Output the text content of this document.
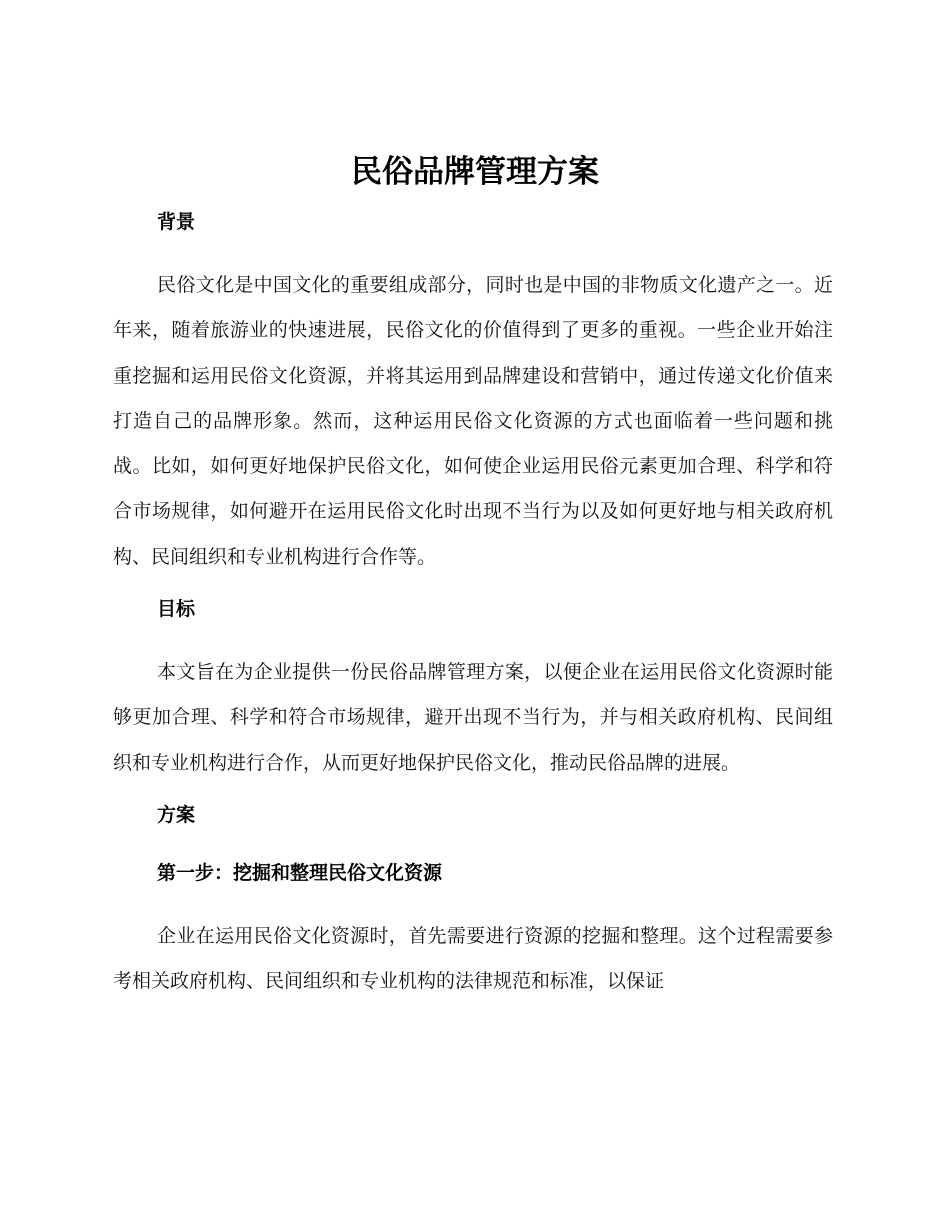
民俗品牌管理方案
背景

民俗文化是中国文化的重要组成部分，同时也是中国的非物质文化遗产之一。近年来，随着旅游业的快速进展，民俗文化的价值得到了更多的重视。一些企业开始注重挖掘和运用民俗文化资源，并将其运用到品牌建设和营销中，通过传递文化价值来打造自己的品牌形象。然而，这种运用民俗文化资源的方式也面临着一些问题和挑战。比如，如何更好地保护民俗文化，如何使企业运用民俗元素更加合理、科学和符合市场规律，如何避开在运用民俗文化时出现不当行为以及如何更好地与相关政府机构、民间组织和专业机构进行合作等。

目标

本文旨在为企业提供一份民俗品牌管理方案，以便企业在运用民俗文化资源时能够更加合理、科学和符合市场规律，避开出现不当行为，并与相关政府机构、民间组织和专业机构进行合作，从而更好地保护民俗文化，推动民俗品牌的进展。

方案
第一步：挖掘和整理民俗文化资源

企业在运用民俗文化资源时，首先需要进行资源的挖掘和整理。这个过程需要参考相关政府机构、民间组织和专业机构的法律规范和标准，以保证
